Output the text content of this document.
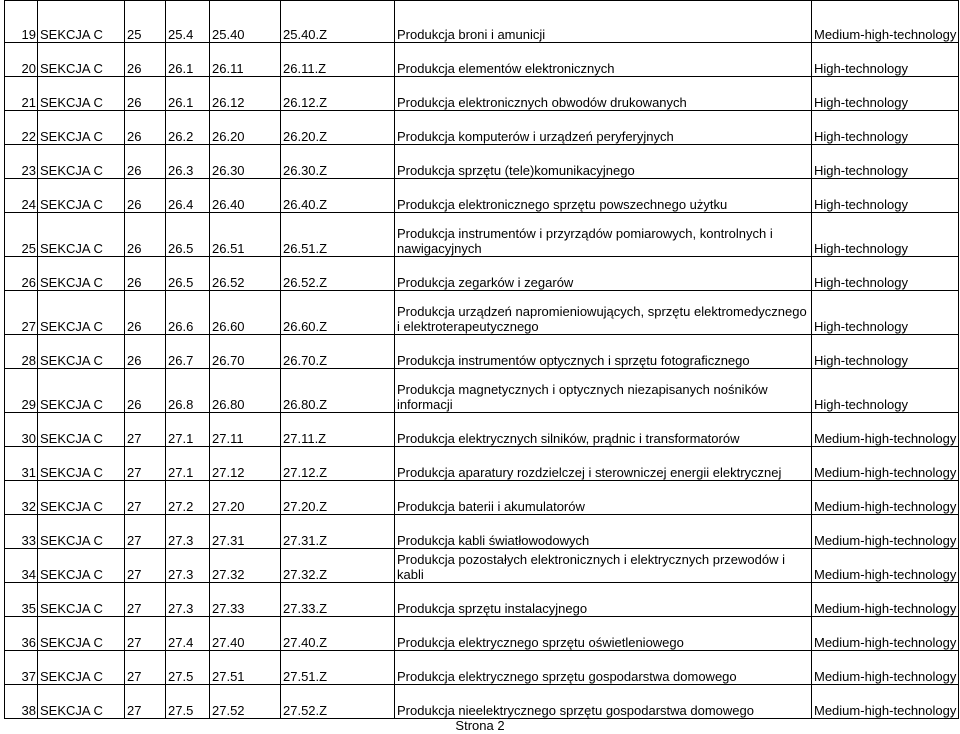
19	SEKCJA C	25	25.4	25.40	25.40.Z	Produkcja broni i amunicji	Medium-high-technology
20	SEKCJA C	26	26.1	26.11	26.11.Z	Produkcja elementów elektronicznych	High-technology
21	SEKCJA C	26	26.1	26.12	26.12.Z	Produkcja elektronicznych obwodów drukowanych	High-technology
22	SEKCJA C	26	26.2	26.20	26.20.Z	Produkcja komputerów i urządzeń peryferyjnych	High-technology
23	SEKCJA C	26	26.3	26.30	26.30.Z	Produkcja sprzętu (tele)komunikacyjnego	High-technology
24	SEKCJA C	26	26.4	26.40	26.40.Z	Produkcja elektronicznego sprzętu powszechnego użytku	High-technology
25	SEKCJA C	26	26.5	26.51	26.51.Z	Produkcja instrumentów i przyrządów pomiarowych, kontrolnych i nawigacyjnych	High-technology
26	SEKCJA C	26	26.5	26.52	26.52.Z	Produkcja zegarków i zegarów	High-technology
27	SEKCJA C	26	26.6	26.60	26.60.Z	Produkcja urządzeń napromieniowujących, sprzętu elektromedycznego i elektroterapeutycznego	High-technology
28	SEKCJA C	26	26.7	26.70	26.70.Z	Produkcja instrumentów optycznych i sprzętu fotograficznego	High-technology
29	SEKCJA C	26	26.8	26.80	26.80.Z	Produkcja magnetycznych i optycznych niezapisanych nośników informacji	High-technology
30	SEKCJA C	27	27.1	27.11	27.11.Z	Produkcja elektrycznych silników, prądnic i transformatorów	Medium-high-technology
31	SEKCJA C	27	27.1	27.12	27.12.Z	Produkcja aparatury rozdzielczej i sterowniczej energii elektrycznej	Medium-high-technology
32	SEKCJA C	27	27.2	27.20	27.20.Z	Produkcja baterii i akumulatorów	Medium-high-technology
33	SEKCJA C	27	27.3	27.31	27.31.Z	Produkcja kabli światłowodowych	Medium-high-technology
34	SEKCJA C	27	27.3	27.32	27.32.Z	Produkcja pozostałych elektronicznych i elektrycznych przewodów i kabli	Medium-high-technology
35	SEKCJA C	27	27.3	27.33	27.33.Z	Produkcja sprzętu instalacyjnego	Medium-high-technology
36	SEKCJA C	27	27.4	27.40	27.40.Z	Produkcja elektrycznego sprzętu oświetleniowego	Medium-high-technology
37	SEKCJA C	27	27.5	27.51	27.51.Z	Produkcja elektrycznego sprzętu gospodarstwa domowego	Medium-high-technology
38	SEKCJA C	27	27.5	27.52	27.52.Z	Produkcja nieelektrycznego sprzętu gospodarstwa domowego	Medium-high-technology
Strona 2
